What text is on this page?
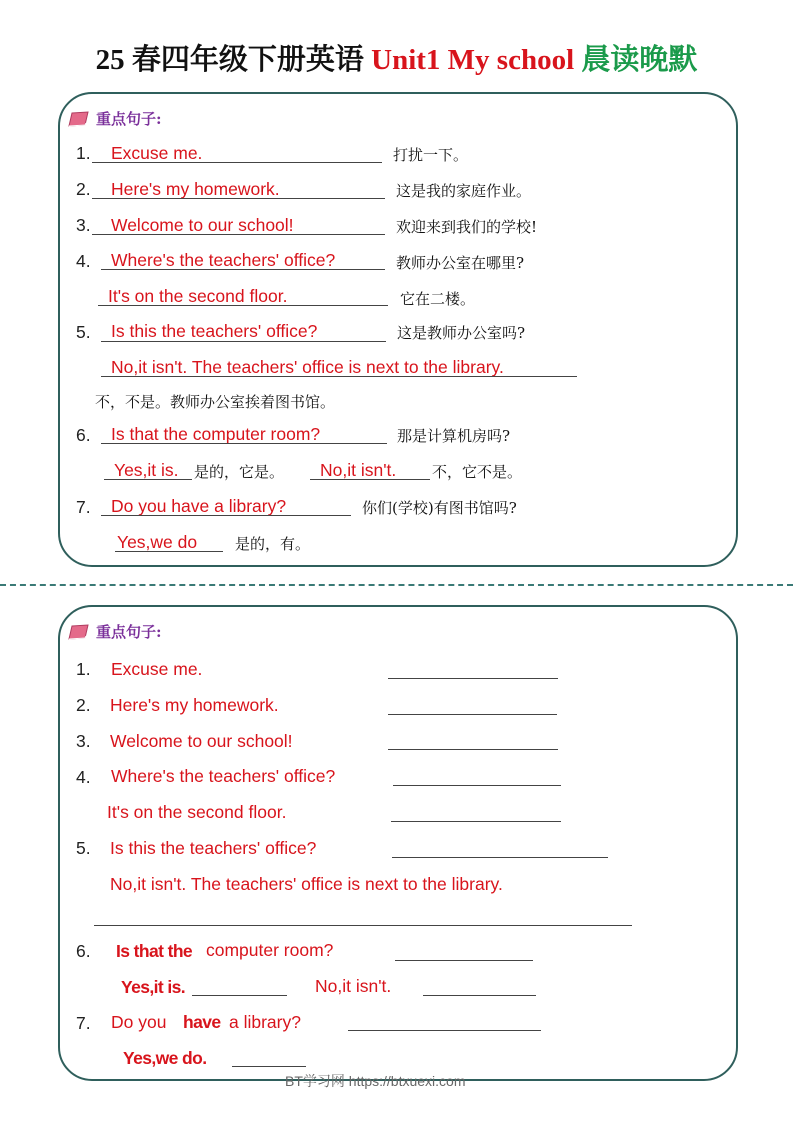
25 春四年级下册英语 Unit1 My school 晨读晚默
重点句子:
1. Excuse me.	打扰一下。
2. Here's my homework.	这是我的家庭作业。
3. Welcome to our school!	欢迎来到我们的学校!
4. Where's the teachers' office?	教师办公室在哪里?
It's on the second floor.	它在二楼。
5. Is this the teachers' office?	这是教师办公室吗?
No,it isn't. The teachers' office is next to the library.
不，不是。教师办公室挨着图书馆。
6. Is that the computer room?	那是计算机房吗?
Yes,it is. 是的，它是。 No,it isn't. 不，它不是。
7. Do you have a library?	你们(学校)有图书馆吗?
Yes,we do	是的，有。
重点句子:
1. Excuse me.
2. Here's my homework.
3. Welcome to our school!
4. Where's the teachers' office?
It's on the second floor.
5. Is this the teachers' office?
No,it isn't. The teachers' office is next to the library.
6. Is that the computer room?
Yes,it is.	No,it isn't.
7. Do you have a library?
Yes,we do.
BT学习网 https://btxuexi.com
